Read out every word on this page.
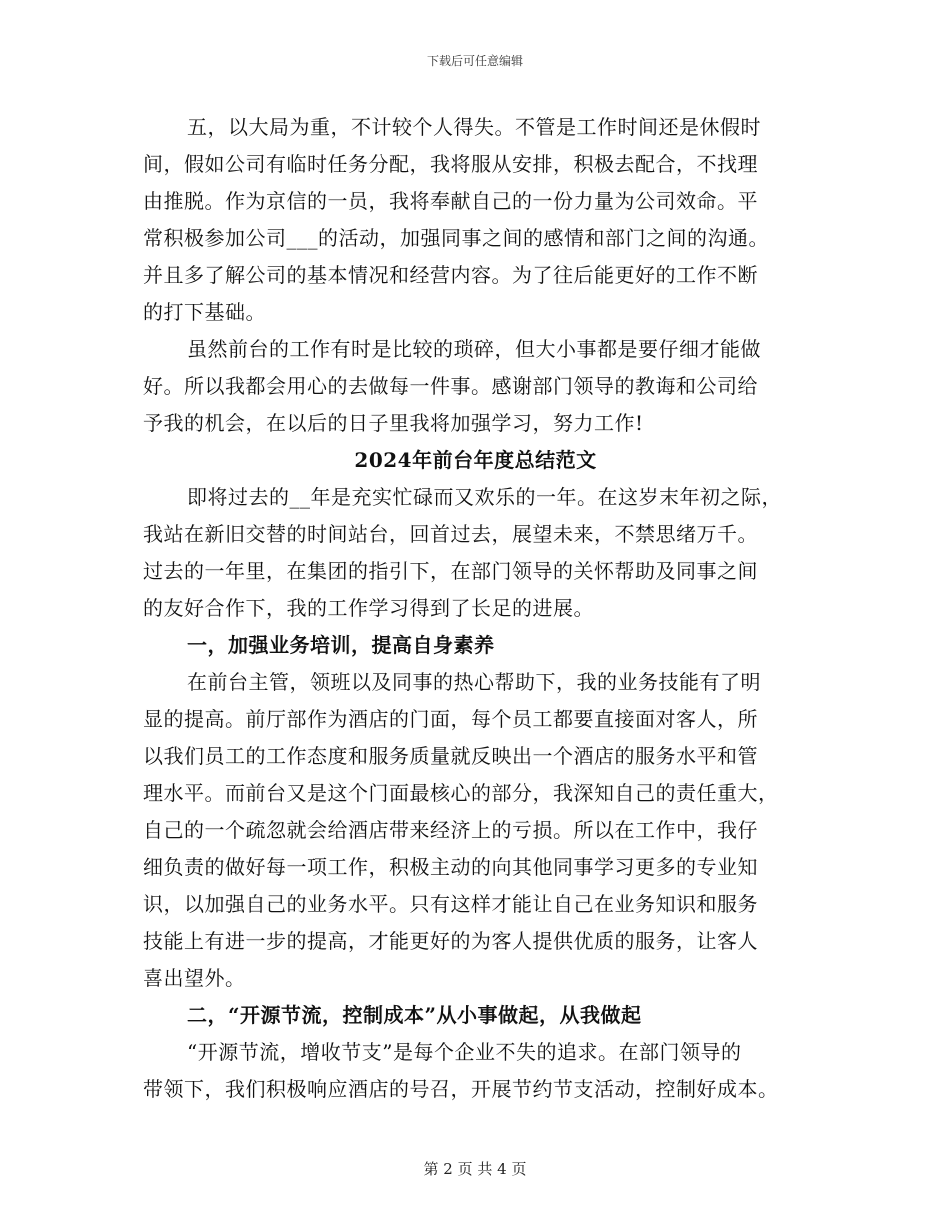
下载后可任意编辑
五，以大局为重，不计较个人得失。不管是工作时间还是休假时
间，假如公司有临时任务分配，我将服从安排，积极去配合，不找理
由推脱。作为京信的一员，我将奉献自己的一份力量为公司效命。平
常积极参加公司___的活动，加强同事之间的感情和部门之间的沟通。
并且多了解公司的基本情况和经营内容。为了往后能更好的工作不断
的打下基础。
虽然前台的工作有时是比较的琐碎，但大小事都是要仔细才能做
好。所以我都会用心的去做每一件事。感谢部门领导的教诲和公司给
予我的机会，在以后的日子里我将加强学习，努力工作!
2024年前台年度总结范文
即将过去的__年是充实忙碌而又欢乐的一年。在这岁末年初之际，
我站在新旧交替的时间站台，回首过去，展望未来，不禁思绪万千。
过去的一年里，在集团的指引下，在部门领导的关怀帮助及同事之间
的友好合作下，我的工作学习得到了长足的进展。
一，加强业务培训，提高自身素养
在前台主管，领班以及同事的热心帮助下，我的业务技能有了明
显的提高。前厅部作为酒店的门面，每个员工都要直接面对客人，所
以我们员工的工作态度和服务质量就反映出一个酒店的服务水平和管
理水平。而前台又是这个门面最核心的部分，我深知自己的责任重大，
自己的一个疏忽就会给酒店带来经济上的亏损。所以在工作中，我仔
细负责的做好每一项工作，积极主动的向其他同事学习更多的专业知
识，以加强自己的业务水平。只有这样才能让自己在业务知识和服务
技能上有进一步的提高，才能更好的为客人提供优质的服务，让客人
喜出望外。
二，“开源节流，控制成本”从小事做起，从我做起
“开源节流，增收节支”是每个企业不失的追求。在部门领导的
带领下，我们积极响应酒店的号召，开展节约节支活动，控制好成本。
第 2 页 共 4 页
